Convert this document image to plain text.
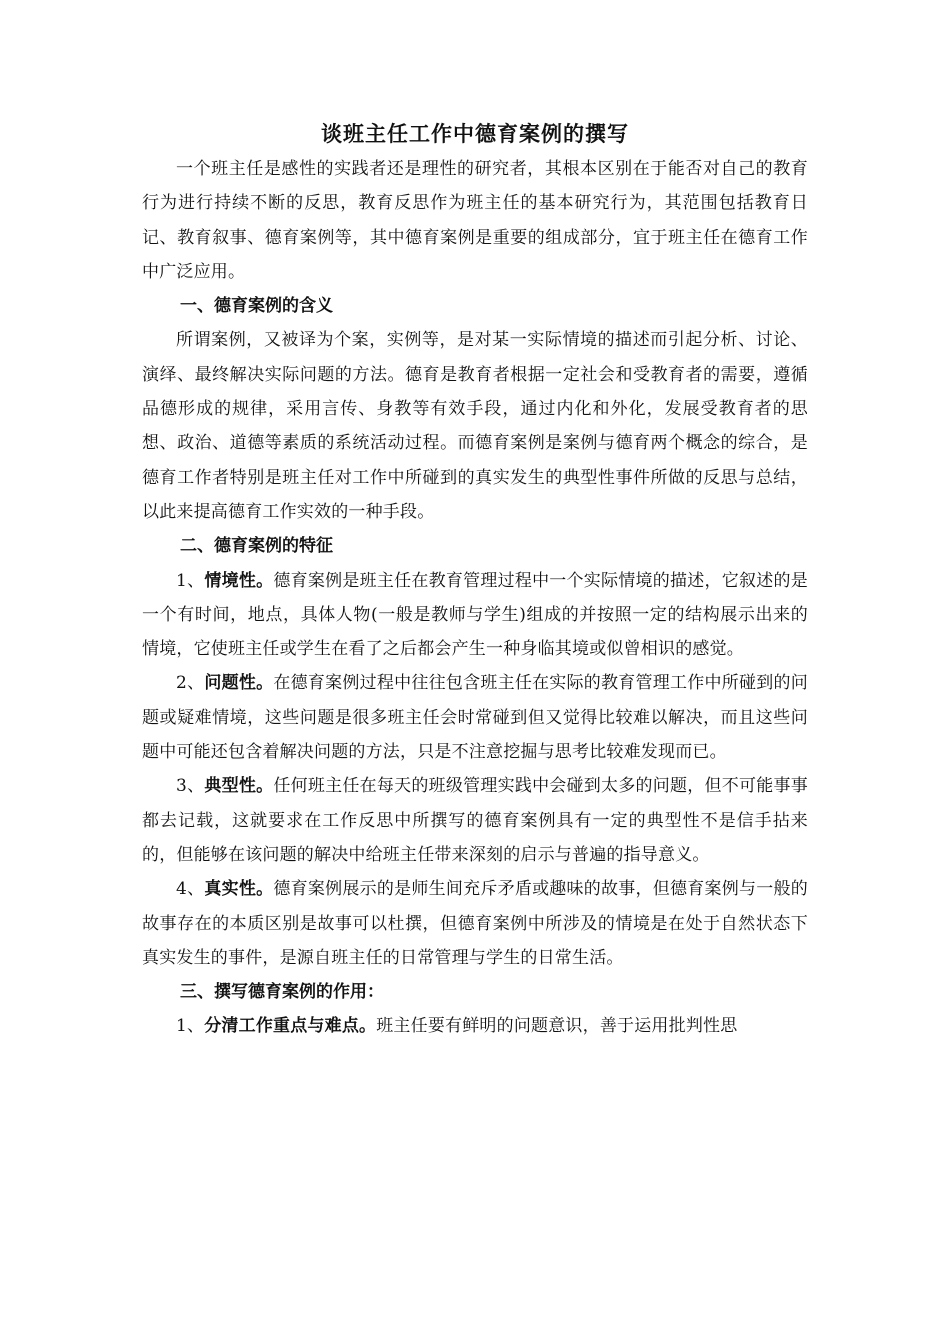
谈班主任工作中德育案例的撰写

一个班主任是感性的实践者还是理性的研究者，其根本区别在于能否对自己的教育行为进行持续不断的反思，教育反思作为班主任的基本研究行为，其范围包括教育日记、教育叙事、德育案例等，其中德育案例是重要的组成部分，宜于班主任在德育工作中广泛应用。

一、德育案例的含义

所谓案例，又被译为个案，实例等，是对某一实际情境的描述而引起分析、讨论、演绎、最终解决实际问题的方法。德育是教育者根据一定社会和受教育者的需要，遵循品德形成的规律，采用言传、身教等有效手段，通过内化和外化，发展受教育者的思想、政治、道德等素质的系统活动过程。而德育案例是案例与德育两个概念的综合，是德育工作者特别是班主任对工作中所碰到的真实发生的典型性事件所做的反思与总结，以此来提高德育工作实效的一种手段。

二、德育案例的特征

1、情境性。德育案例是班主任在教育管理过程中一个实际情境的描述，它叙述的是一个有时间，地点，具体人物(一般是教师与学生)组成的并按照一定的结构展示出来的情境，它使班主任或学生在看了之后都会产生一种身临其境或似曾相识的感觉。

2、问题性。在德育案例过程中往往包含班主任在实际的教育管理工作中所碰到的问题或疑难情境，这些问题是很多班主任会时常碰到但又觉得比较难以解决，而且这些问题中可能还包含着解决问题的方法，只是不注意挖掘与思考比较难发现而已。

3、典型性。任何班主任在每天的班级管理实践中会碰到太多的问题，但不可能事事都去记载，这就要求在工作反思中所撰写的德育案例具有一定的典型性不是信手拈来的，但能够在该问题的解决中给班主任带来深刻的启示与普遍的指导意义。

4、真实性。德育案例展示的是师生间充斥矛盾或趣味的故事，但德育案例与一般的故事存在的本质区别是故事可以杜撰，但德育案例中所涉及的情境是在处于自然状态下真实发生的事件，是源自班主任的日常管理与学生的日常生活。

三、撰写德育案例的作用：

1、分清工作重点与难点。班主任要有鲜明的问题意识，善于运用批判性思
